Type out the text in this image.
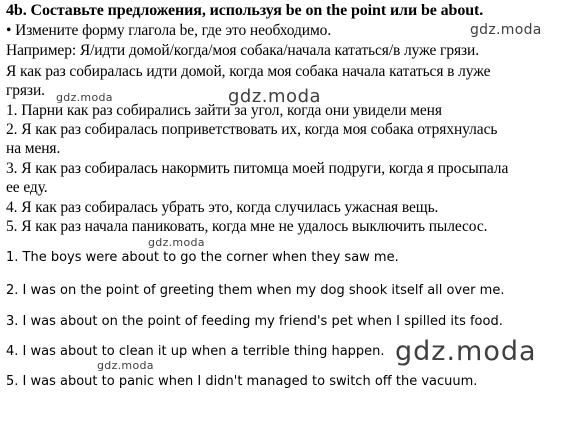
4b. Составьте предложения, используя be on the point или be about.
• Измените форму глагола be, где это необходимо.
Например: Я/идти домой/когда/моя собака/начала кататься/в луже грязи.
Я как раз собиралась идти домой, когда моя собака начала кататься в луже
грязи.
1. Парни как раз собирались зайти за угол, когда они увидели меня
2. Я как раз собиралась поприветствовать их, когда моя собака отряхнулась
на меня.
3. Я как раз собиралась накормить питомца моей подруги, когда я просыпала
ее еду.
4. Я как раз собиралась убрать это, когда случилась ужасная вещь.
5. Я как раз начала паниковать, когда мне не удалось выключить пылесос.
1. The boys were about to go the corner when they saw me.
2. I was on the point of greeting them when my dog shook itself all over me.
3. I was about on the point of feeding my friend's pet when I spilled its food.
4. I was about to clean it up when a terrible thing happen.
5. I was about to panic when I didn't managed to switch off the vacuum.
gdz.moda
gdz.moda	gdz.moda
gdz.moda
gdz.moda
gdz.moda
